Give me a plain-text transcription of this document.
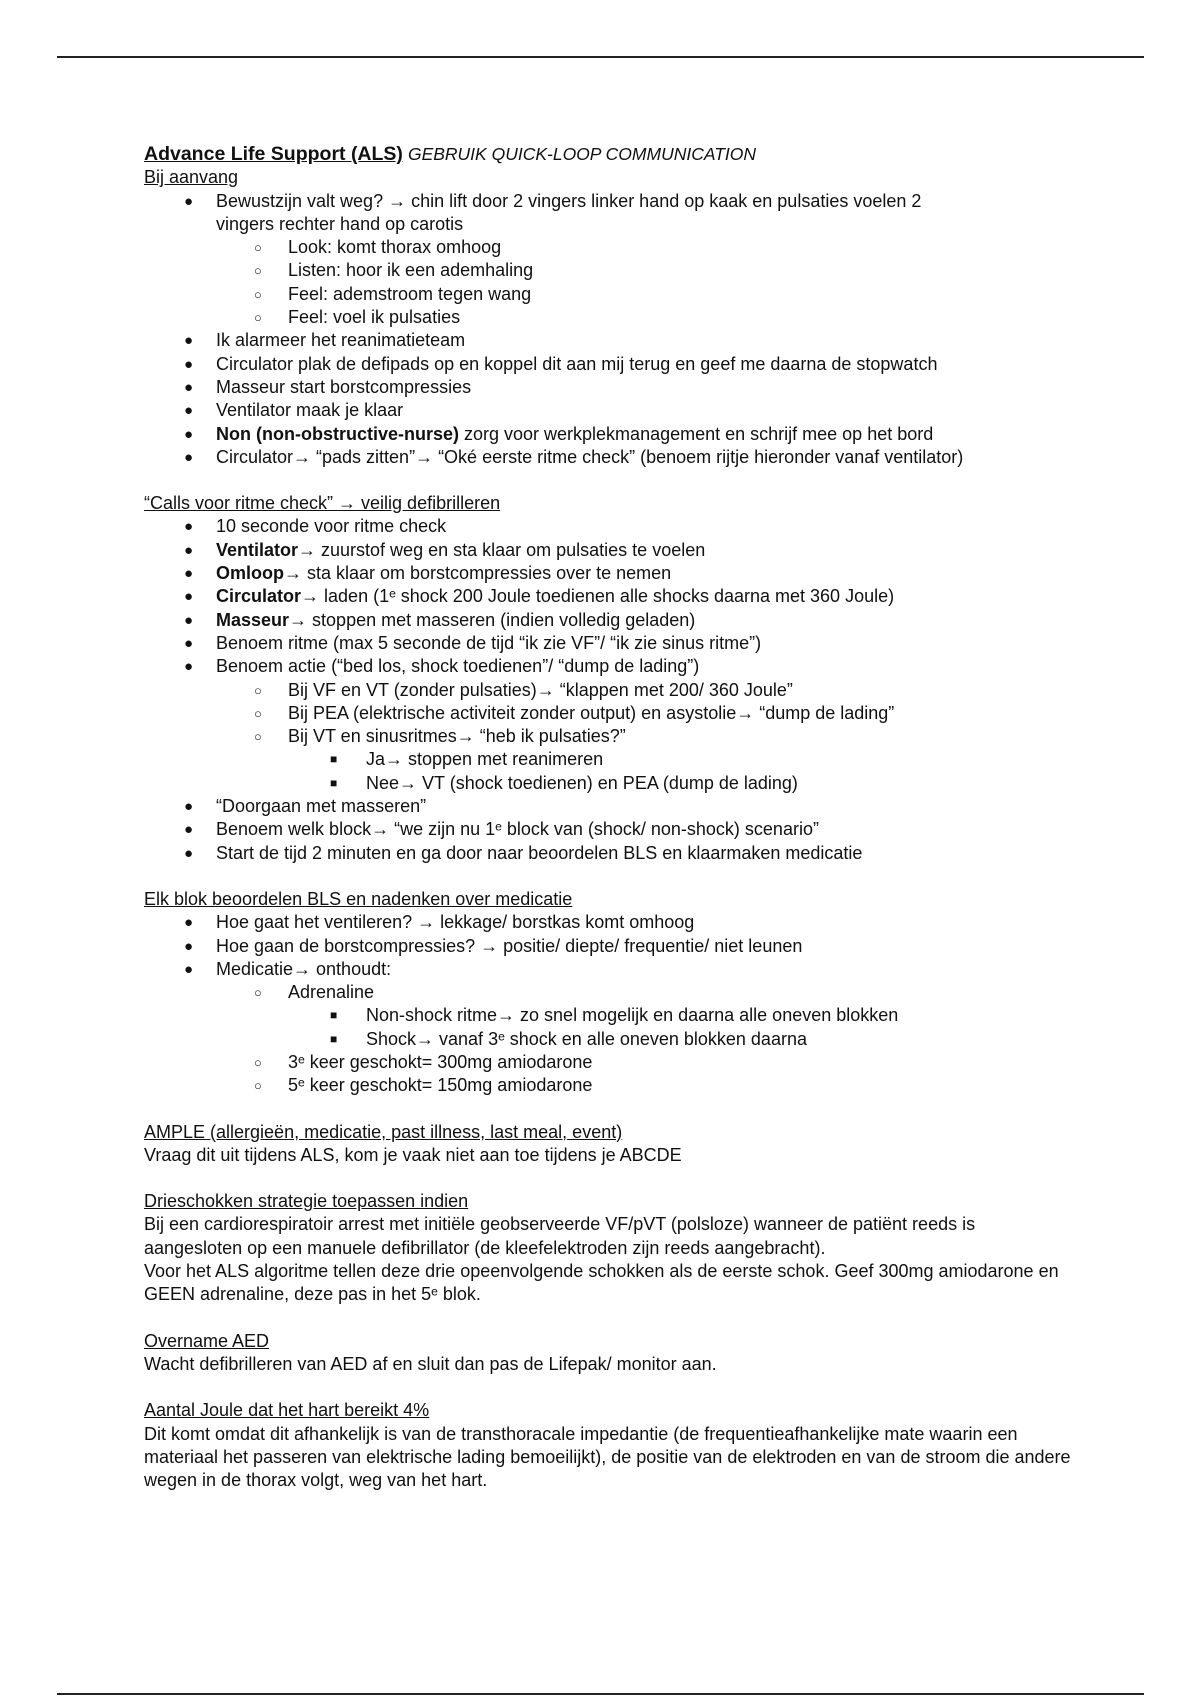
Advance Life Support (ALS) GEBRUIK QUICK-LOOP COMMUNICATION
Bij aanvang
● Bewustzijn valt weg? → chin lift door 2 vingers linker hand op kaak en pulsaties voelen 2
vingers rechter hand op carotis
○ Look: komt thorax omhoog
○ Listen: hoor ik een ademhaling
○ Feel: ademstroom tegen wang
○ Feel: voel ik pulsaties
● Ik alarmeer het reanimatieteam
● Circulator plak de defipads op en koppel dit aan mij terug en geef me daarna de stopwatch
● Masseur start borstcompressies
● Ventilator maak je klaar
● Non (non-obstructive-nurse) zorg voor werkplekmanagement en schrijf mee op het bord
● Circulator→ “pads zitten”→ “Oké eerste ritme check” (benoem rijtje hieronder vanaf ventilator)
“Calls voor ritme check” → veilig defibrilleren
● 10 seconde voor ritme check
● Ventilator→ zuurstof weg en sta klaar om pulsaties te voelen
● Omloop→ sta klaar om borstcompressies over te nemen
● Circulator→ laden (1ᵉ shock 200 Joule toedienen alle shocks daarna met 360 Joule)
● Masseur→ stoppen met masseren (indien volledig geladen)
● Benoem ritme (max 5 seconde de tijd “ik zie VF”/ “ik zie sinus ritme”)
● Benoem actie (“bed los, shock toedienen”/ “dump de lading”)
○ Bij VF en VT (zonder pulsaties)→ “klappen met 200/ 360 Joule”
○ Bij PEA (elektrische activiteit zonder output) en asystolie→ “dump de lading”
○ Bij VT en sinusritmes→ “heb ik pulsaties?”
■ Ja→ stoppen met reanimeren
■ Nee→ VT (shock toedienen) en PEA (dump de lading)
● “Doorgaan met masseren”
● Benoem welk block→ “we zijn nu 1ᵉ block van (shock/ non-shock) scenario”
● Start de tijd 2 minuten en ga door naar beoordelen BLS en klaarmaken medicatie
Elk blok beoordelen BLS en nadenken over medicatie
● Hoe gaat het ventileren? → lekkage/ borstkas komt omhoog
● Hoe gaan de borstcompressies? → positie/ diepte/ frequentie/ niet leunen
● Medicatie→ onthoudt:
○ Adrenaline
■ Non-shock ritme→ zo snel mogelijk en daarna alle oneven blokken
■ Shock→ vanaf 3ᵉ shock en alle oneven blokken daarna
○ 3ᵉ keer geschokt= 300mg amiodarone
○ 5ᵉ keer geschokt= 150mg amiodarone
AMPLE (allergieën, medicatie, past illness, last meal, event)
Vraag dit uit tijdens ALS, kom je vaak niet aan toe tijdens je ABCDE
Drieschokken strategie toepassen indien
Bij een cardiorespiratoir arrest met initiële geobserveerde VF/pVT (polsloze) wanneer de patiënt reeds is aangesloten op een manuele defibrillator (de kleefelektroden zijn reeds aangebracht).
Voor het ALS algoritme tellen deze drie opeenvolgende schokken als de eerste schok. Geef 300mg amiodarone en GEEN adrenaline, deze pas in het 5ᵉ blok.
Overname AED
Wacht defibrilleren van AED af en sluit dan pas de Lifepak/ monitor aan.
Aantal Joule dat het hart bereikt 4%
Dit komt omdat dit afhankelijk is van de transthoracale impedantie (de frequentieafhankelijke mate waarin een materiaal het passeren van elektrische lading bemoeilijkt), de positie van de elektroden en van de stroom die andere wegen in de thorax volgt, weg van het hart.
